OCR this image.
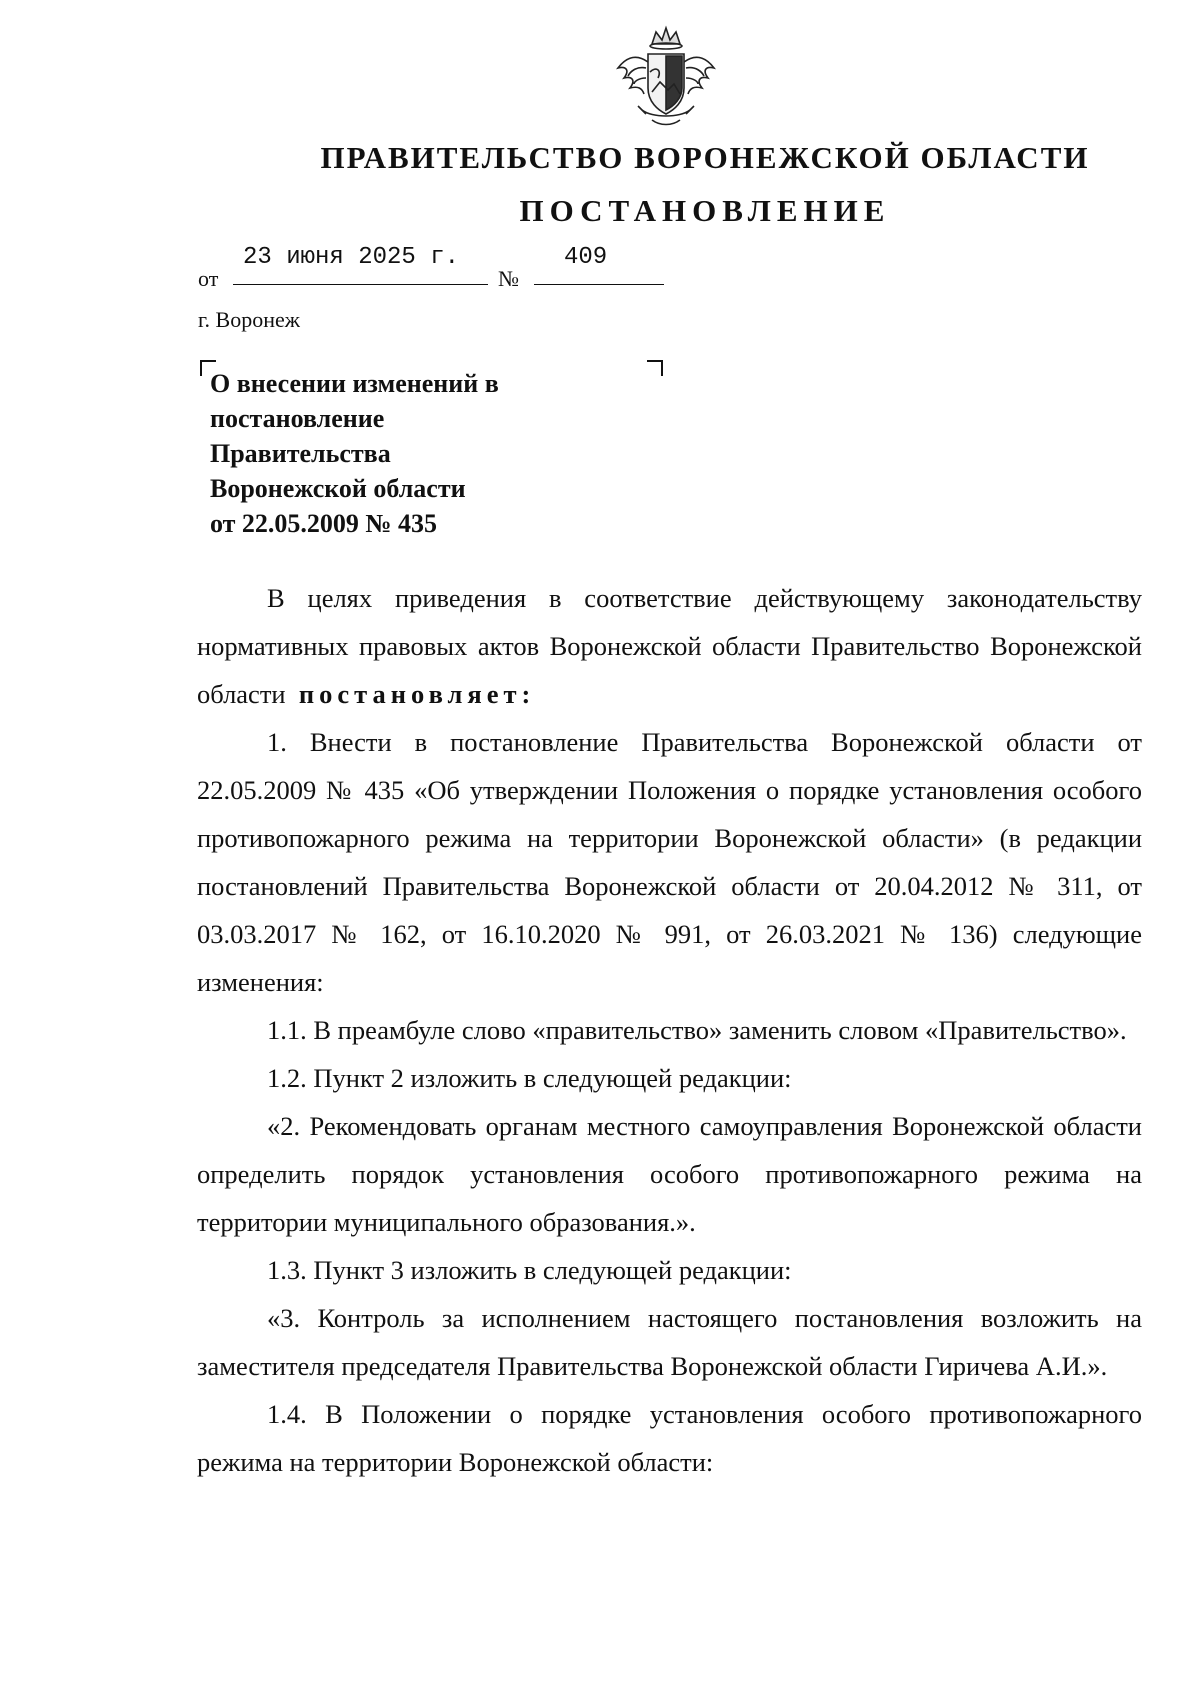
ПРАВИТЕЛЬСТВО ВОРОНЕЖСКОЙ ОБЛАСТИ
ПОСТАНОВЛЕНИЕ
от
23 июня 2025 г.
№
409
г. Воронеж
О внесении изменений в
постановление
Правительства
Воронежской области
от 22.05.2009 № 435

В целях приведения в соответствие действующему законодательству нормативных правовых актов Воронежской области Правительство Воронежской области постановляет:

1. Внести в постановление Правительства Воронежской области от 22.05.2009 № 435 «Об утверждении Положения о порядке установления особого противопожарного режима на территории Воронежской области» (в редакции постановлений Правительства Воронежской области от 20.04.2012 № 311, от 03.03.2017 № 162, от 16.10.2020 № 991, от 26.03.2021 № 136) следующие изменения:

1.1. В преамбуле слово «правительство» заменить словом «Правительство».

1.2. Пункт 2 изложить в следующей редакции:

«2. Рекомендовать органам местного самоуправления Воронежской области определить порядок установления особого противопожарного режима на территории муниципального образования.».

1.3. Пункт 3 изложить в следующей редакции:

«3. Контроль за исполнением настоящего постановления возложить на заместителя председателя Правительства Воронежской области Гиричева А.И.».

1.4. В Положении о порядке установления особого противопожарного режима на территории Воронежской области:
